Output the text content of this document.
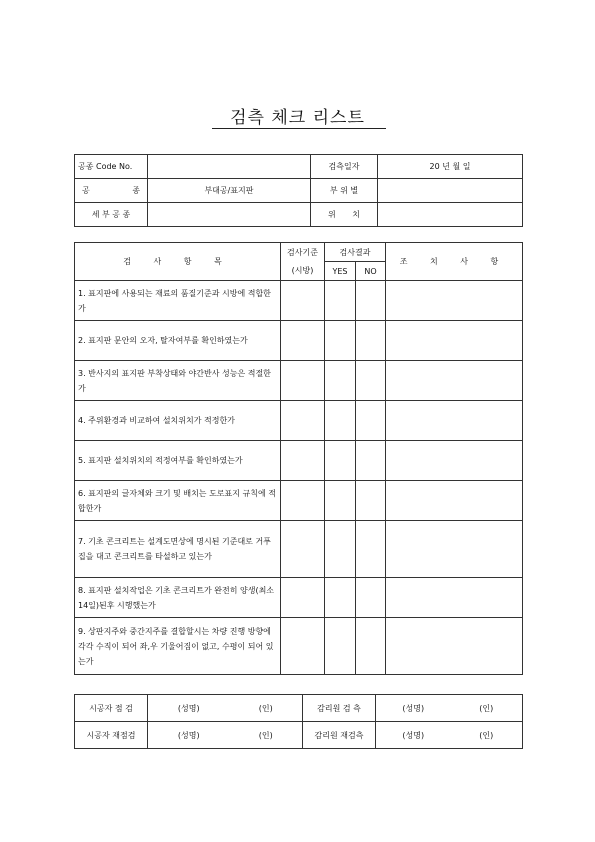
검측 체크 리스트
공종 Code No.		검측일자	20 년 월 일

공 종	부대공/표지판	부 위 별	
세 부 공 종		위 치	

검 사 항 목	검사기준	검사결과		조 치 사 항
	(시방)	YES	NO	
1. 표지판에 사용되는 재료의 품질기준과 시방에 적합한가				
2. 표지판 문안의 오자, 탈자여부를 확인하였는가				
3. 반사지의 표지판 부착상태와 야간반사 성능은 적절한가				
4. 주위환경과 비교하여 설치위치가 적정한가				
5. 표지판 설치위치의 적정여부를 확인하였는가				
6. 표지판의 글자체와 크기 및 배치는 도로표지 규칙에 적합한가				
7. 기초 콘크리트는 설계도면상에 명시된 기준대로 거푸집을 대고 콘크리트를 타설하고 있는가				
8. 표지판 설치작업은 기초 콘크리트가 완전히 양생(최소14일)된후 시행했는가				
9. 상판지주와 중간지주를 결합할시는 차량 진행 방향에 각각 수직이 되어 좌,우 기울어짐이 없고, 수평이 되어 있는가				
시공자 점 검	(성명)	(인)	감리원 검 측	(성명)	(인)
시공자 재점검	(성명)	(인)	감리원 재검측	(성명)	(인)
